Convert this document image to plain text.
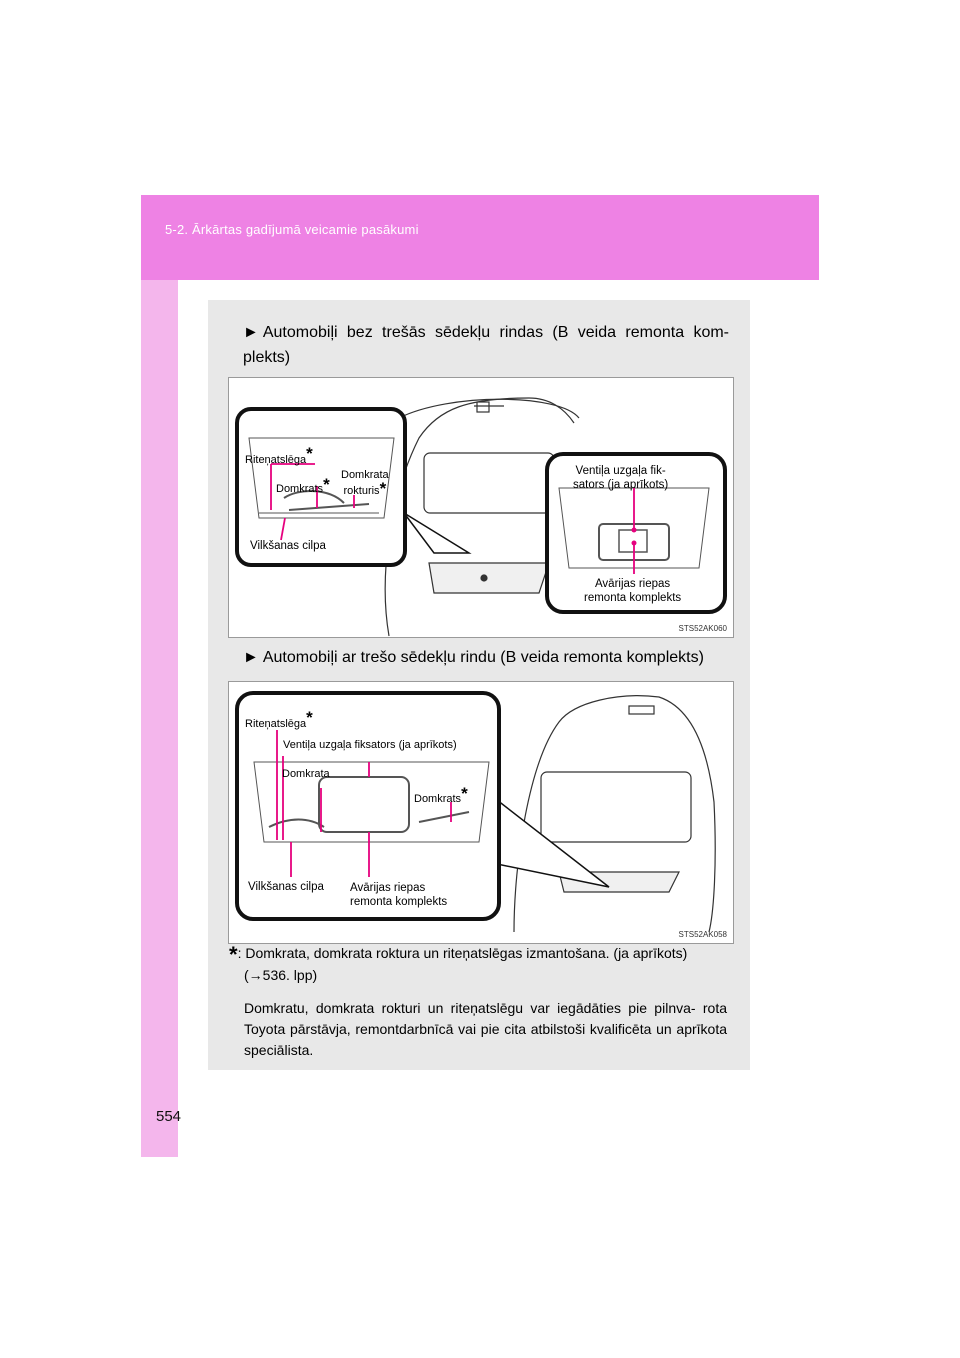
5-2. Ārkārtas gadījumā veicamie pasākumi
► Automobiļi bez trešās sēdekļu rindas (B veida remonta kom- plekts)
Riteņatslēga*
Domkrats* Domkrata
rokturis*
Vilkšanas cilpa
Ventiļa uzgaļa fik-
sators (ja aprīkots)
Avārijas riepas
remonta komplekts
STS52AK060
► Automobiļi ar trešo sēdekļu rindu (B veida remonta komplekts)
Riteņatslēga*
Ventiļa uzgaļa fiksators (ja aprīkots)
Domkrata
Domkrats*
Vilkšanas cilpa Avārijas riepas
remonta komplekts
STS52AK058
*: Domkrata, domkrata roktura un riteņatslēgas izmantošana. (ja aprīkots)
(→536. lpp)
Domkratu, domkrata rokturi un riteņatslēgu var iegādāties pie pilnva- rota Toyota pārstāvja, remontdarbnīcā vai pie cita atbilstoši kvalificēta un aprīkota speciālista.
554
